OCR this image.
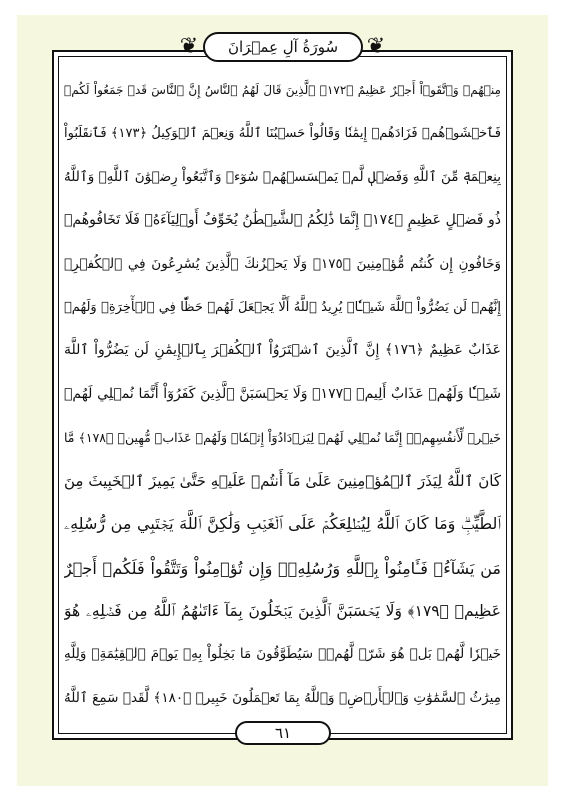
❦	سُورَةُ آلِ عِمۡرَانَ ❦
مِنۡهُمۡ وَٱتَّقَوۡاْ أَجۡرٌ عَظِيمٌ ﴿١٧٢﴾ ٱلَّذِينَ قَالَ لَهُمُ ٱلنَّاسُ إِنَّ ٱلنَّاسَ قَدۡ جَمَعُواْ لَكُمۡ
فَٱخۡشَوۡهُمۡ فَزَادَهُمۡ إِيمَٰنٗا وَقَالُواْ حَسۡبُنَا ٱللَّهُ وَنِعۡمَ ٱلۡوَكِيلُ ﴿١٧٣﴾ فَٱنقَلَبُواْ
بِنِعۡمَةٖ مِّنَ ٱللَّهِ وَفَضۡلٖ لَّمۡ يَمۡسَسۡهُمۡ سُوٓءٞ وَٱتَّبَعُواْ رِضۡوَٰنَ ٱللَّهِۗ وَٱللَّهُ
ذُو فَضۡلٍ عَظِيمٍ ﴿١٧٤﴾ إِنَّمَا ذَٰلِكُمُ ٱلشَّيۡطَٰنُ يُخَوِّفُ أَوۡلِيَآءَهُۥ فَلَا تَخَافُوهُمۡ
وَخَافُونِ إِن كُنتُم مُّؤۡمِنِينَ ﴿١٧٥﴾ وَلَا يَحۡزُنكَ ٱلَّذِينَ يُسَٰرِعُونَ فِي ٱلۡكُفۡرِۚ
إِنَّهُمۡ لَن يَضُرُّواْ ٱللَّهَ شَيۡـٔٗاۗ يُرِيدُ ٱللَّهُ أَلَّا يَجۡعَلَ لَهُمۡ حَظّٗا فِي ٱلۡأٓخِرَةِۖ وَلَهُمۡ
عَذَابٌ عَظِيمٌ ﴿١٧٦﴾ إِنَّ ٱلَّذِينَ ٱشۡتَرَوُاْ ٱلۡكُفۡرَ بِٱلۡإِيمَٰنِ لَن يَضُرُّواْ ٱللَّهَ
شَيۡـٔٗا وَلَهُمۡ عَذَابٌ أَلِيمٞ ﴿١٧٧﴾ وَلَا يَحۡسَبَنَّ ٱلَّذِينَ كَفَرُوٓاْ أَنَّمَا نُمۡلِي لَهُمۡ
خَيۡرٞ لِّأَنفُسِهِمۡۚ إِنَّمَا نُمۡلِي لَهُمۡ لِيَزۡدَادُوٓاْ إِثۡمٗاۖ وَلَهُمۡ عَذَابٞ مُّهِينٞ ﴿١٧٨﴾ مَّا
كَانَ ٱللَّهُ لِيَذَرَ ٱلۡمُؤۡمِنِينَ عَلَىٰ مَآ أَنتُمۡ عَلَيۡهِ حَتَّىٰ يَمِيزَ ٱلۡخَبِيثَ مِنَ
ٱلطَّيِّبِۗ وَمَا كَانَ ٱللَّهُ لِيُطۡلِعَكُمۡ عَلَى ٱلۡغَيۡبِ وَلَٰكِنَّ ٱللَّهَ يَجۡتَبِي مِن رُّسُلِهِۦ
مَن يَشَآءُۖ فَـَٔامِنُواْ بِٱللَّهِ وَرُسُلِهِۦۚ وَإِن تُؤۡمِنُواْ وَتَتَّقُواْ فَلَكُمۡ أَجۡرٌ
عَظِيمٞ ﴿١٧٩﴾ وَلَا يَحۡسَبَنَّ ٱلَّذِينَ يَبۡخَلُونَ بِمَآ ءَاتَىٰهُمُ ٱللَّهُ مِن فَضۡلِهِۦ هُوَ
خَيۡرٗا لَّهُمۖ بَلۡ هُوَ شَرّٞ لَّهُمۡۖ سَيُطَوَّقُونَ مَا بَخِلُواْ بِهِۦ يَوۡمَ ٱلۡقِيَٰمَةِۗ وَلِلَّهِ
مِيرَٰثُ ٱلسَّمَٰوَٰتِ وَٱلۡأَرۡضِۗ وَٱللَّهُ بِمَا تَعۡمَلُونَ خَبِيرٞ ﴿١٨٠﴾ لَّقَدۡ سَمِعَ ٱللَّهُ
٦١
